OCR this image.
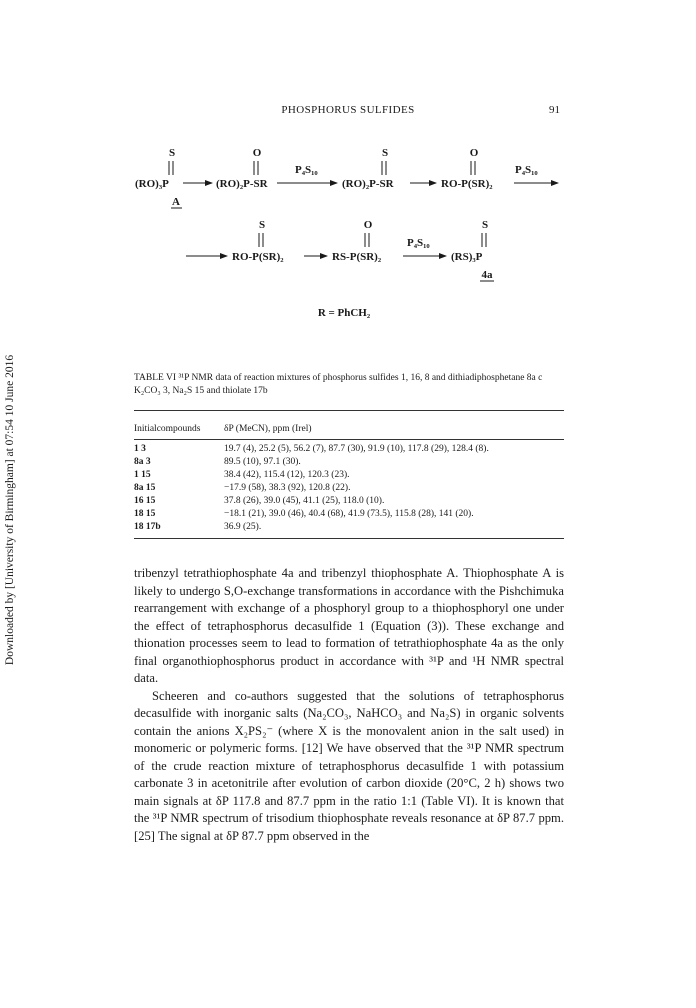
PHOSPHORUS SULFIDES	91
Downloaded by [University of Birmingham] at 07:54 10 June 2016
S
(RO)₃P
A
O
(RO)₂P-SR
P₄S₁₀
S
(RO)₂P-SR
O
RO-P(SR)₂
P₄S₁₀
S
RO-P(SR)₂
O
RS-P(SR)₂
P₄S₁₀
S
(RS)₃P
4a
R = PhCH₂
TABLE VI ³¹P NMR data of reaction mixtures of phosphorus sulfides 1, 16, 8 and dithiadiphosphetane 8a c K₂CO₃ 3, Na₂S 15 and thiolate 17b
Initialcompounds δP (MeCN), ppm (Irel)
1 3	19.7 (4), 25.2 (5), 56.2 (7), 87.7 (30), 91.9 (10), 117.8 (29), 128.4 (8).
8a 3	89.5 (10), 97.1 (30).
1 15	38.4 (42), 115.4 (12), 120.3 (23).
8a 15	−17.9 (58), 38.3 (92), 120.8 (22).
16 15	37.8 (26), 39.0 (45), 41.1 (25), 118.0 (10).
18 15	−18.1 (21), 39.0 (46), 40.4 (68), 41.9 (73.5), 115.8 (28), 141 (20).
18 17b	36.9 (25).

tribenzyl tetrathiophosphate 4a and tribenzyl thiophosphate A. Thiophosphate A is likely to undergo S,O-exchange transformations in accordance with the Pishchimuka rearrangement with exchange of a phosphoryl group to a thiophosphoryl one under the effect of tetraphosphorus decasulfide 1 (Equation (3)). These exchange and thionation processes seem to lead to formation of tetrathiophosphate 4a as the only final organothiophosphorus product in accordance with ³¹P and ¹H NMR spectral data.

Scheeren and co-authors suggested that the solutions of tetraphosphorus decasulfide with inorganic salts (Na₂CO₃, NaHCO₃ and Na₂S) in organic solvents contain the anions X₂PS₂⁻ (where X is the monovalent anion in the salt used) in monomeric or polymeric forms. [12] We have observed that the ³¹P NMR spectrum of the crude reaction mixture of tetraphosphorus decasulfide 1 with potassium carbonate 3 in acetonitrile after evolution of carbon dioxide (20°C, 2 h) shows two main signals at δP 117.8 and 87.7 ppm in the ratio 1:1 (Table VI). It is known that the ³¹P NMR spectrum of trisodium thiophosphate reveals resonance at δP 87.7 ppm. [25] The signal at δP 87.7 ppm observed in the
